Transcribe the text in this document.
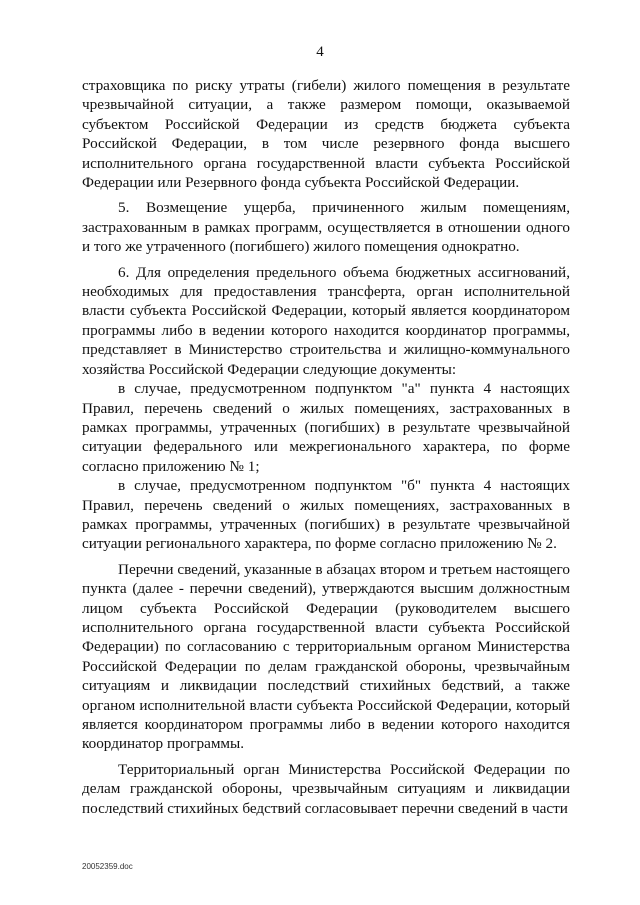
4

страховщика по риску утраты (гибели) жилого помещения в результате чрезвычайной ситуации, а также размером помощи, оказываемой субъектом Российской Федерации из средств бюджета субъекта Российской Федерации, в том числе резервного фонда высшего исполнительного органа государственной власти субъекта Российской Федерации или Резервного фонда субъекта Российской Федерации.

5. Возмещение ущерба, причиненного жилым помещениям, застрахованным в рамках программ, осуществляется в отношении одного и того же утраченного (погибшего) жилого помещения однократно.

6. Для определения предельного объема бюджетных ассигнований, необходимых для предоставления трансферта, орган исполнительной власти субъекта Российской Федерации, который является координатором программы либо в ведении которого находится координатор программы, представляет в Министерство строительства и жилищно-коммунального хозяйства Российской Федерации следующие документы:

в случае, предусмотренном подпунктом "а" пункта 4 настоящих Правил, перечень сведений о жилых помещениях, застрахованных в рамках программы, утраченных (погибших) в результате чрезвычайной ситуации федерального или межрегионального характера, по форме согласно приложению № 1;

в случае, предусмотренном подпунктом "б" пункта 4 настоящих Правил, перечень сведений о жилых помещениях, застрахованных в рамках программы, утраченных (погибших) в результате чрезвычайной ситуации регионального характера, по форме согласно приложению № 2.

Перечни сведений, указанные в абзацах втором и третьем настоящего пункта (далее - перечни сведений), утверждаются высшим должностным лицом субъекта Российской Федерации (руководителем высшего исполнительного органа государственной власти субъекта Российской Федерации) по согласованию с территориальным органом Министерства Российской Федерации по делам гражданской обороны, чрезвычайным ситуациям и ликвидации последствий стихийных бедствий, а также органом исполнительной власти субъекта Российской Федерации, который является координатором программы либо в ведении которого находится координатор программы.

Территориальный орган Министерства Российской Федерации по делам гражданской обороны, чрезвычайным ситуациям и ликвидации последствий стихийных бедствий согласовывает перечни сведений в части

20052359.doc
